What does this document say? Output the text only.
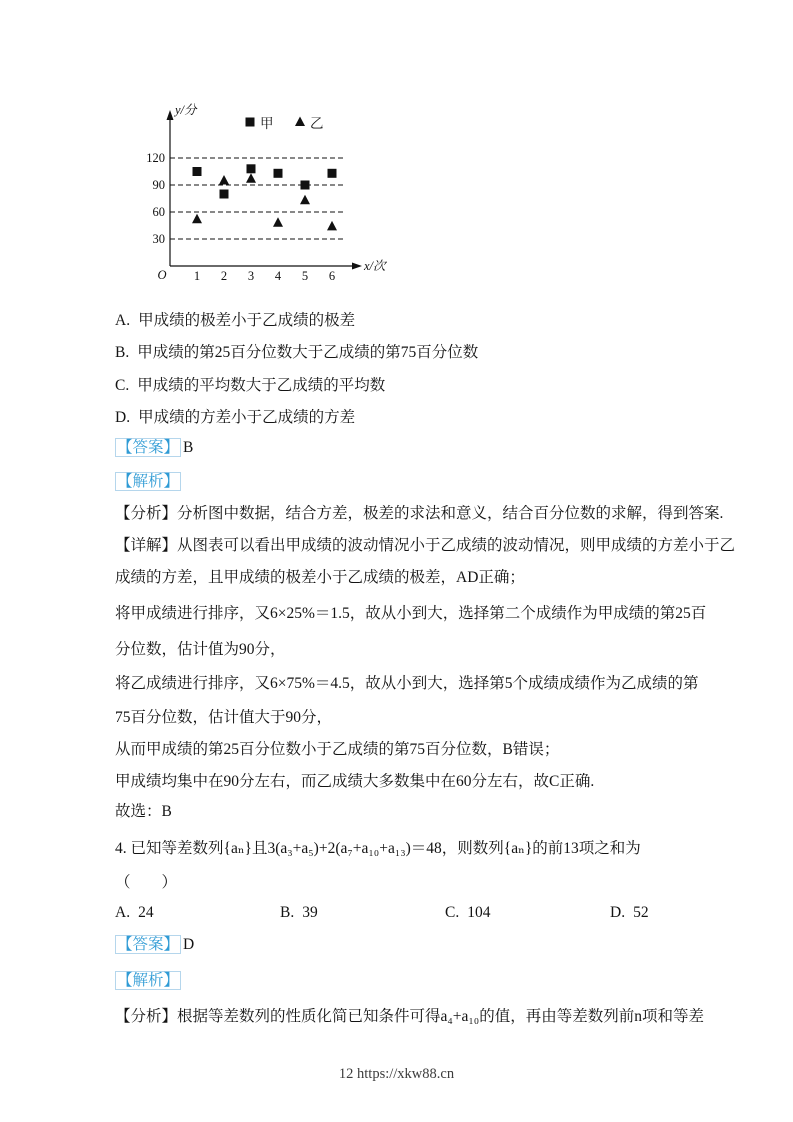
y/分
x/次
O
30
60
90
120
1 2 3 4 5 6
甲	乙
A. 甲成绩的极差小于乙成绩的极差
B. 甲成绩的第25百分位数大于乙成绩的第75百分位数
C. 甲成绩的平均数大于乙成绩的平均数
D. 甲成绩的方差小于乙成绩的方差
【答案】 B
【解析】
【分析】分析图中数据，结合方差，极差的求法和意义，结合百分位数的求解，得到答案.
【详解】从图表可以看出甲成绩的波动情况小于乙成绩的波动情况，则甲成绩的方差小于乙
成绩的方差，且甲成绩的极差小于乙成绩的极差，AD正确；
将甲成绩进行排序，又6×25%＝1.5，故从小到大，选择第二个成绩作为甲成绩的第25百
分位数，估计值为90分，
将乙成绩进行排序，又6×75%＝4.5，故从小到大，选择第5个成绩成绩作为乙成绩的第
75百分位数，估计值大于90分，
从而甲成绩的第25百分位数小于乙成绩的第75百分位数，B错误；
甲成绩均集中在90分左右，而乙成绩大多数集中在60分左右，故C正确.
故选：B
4. 已知等差数列{aₙ}且3(a₃+a₅)+2(a₇+a₁₀+a₁₃)＝48，则数列{aₙ}的前13项之和为
（　　）
A. 24	B. 39	C. 104	D. 52
【答案】 D
【解析】
【分析】根据等差数列的性质化简已知条件可得a₄+a₁₀的值，再由等差数列前n项和等差
12 https://xkw88.cn
